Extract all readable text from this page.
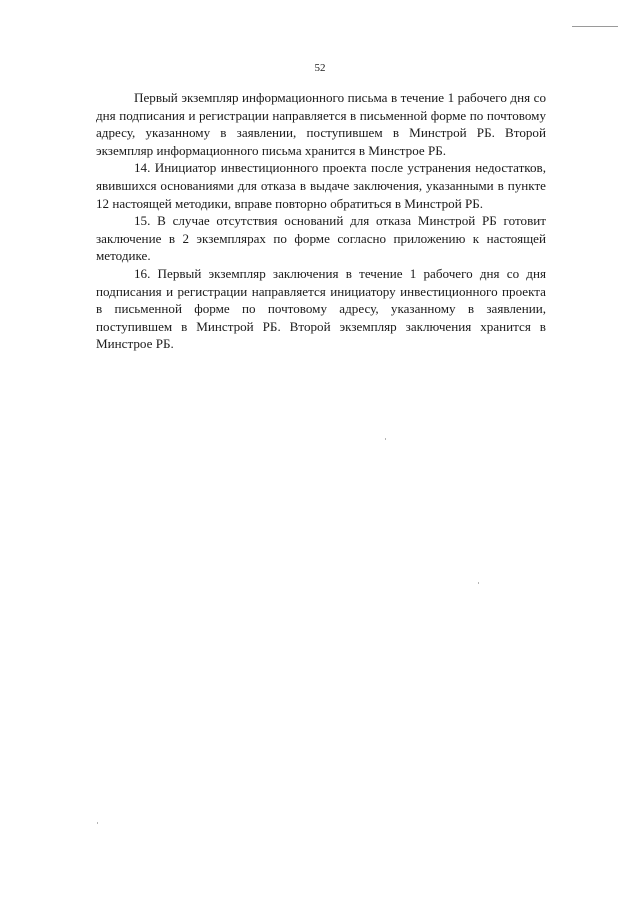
52

Первый экземпляр информационного письма в течение 1 рабочего дня со дня подписания и регистрации направляется в письменной форме по почтовому адресу, указанному в заявлении, поступившем в Минстрой РБ. Второй экземпляр информационного письма хранится в Минстрое РБ.

14. Инициатор инвестиционного проекта после устранения недостатков, явившихся основаниями для отказа в выдаче заключения, указанными в пункте 12 настоящей методики, вправе повторно обратиться в Минстрой РБ.

15. В случае отсутствия оснований для отказа Минстрой РБ готовит заключение в 2 экземплярах по форме согласно приложению к настоящей методике.

16. Первый экземпляр заключения в течение 1 рабочего дня со дня подписания и регистрации направляется инициатору инвестиционного проекта в письменной форме по почтовому адресу, указанному в заявлении, поступившем в Минстрой РБ. Второй экземпляр заключения хранится в Минстрое РБ.
